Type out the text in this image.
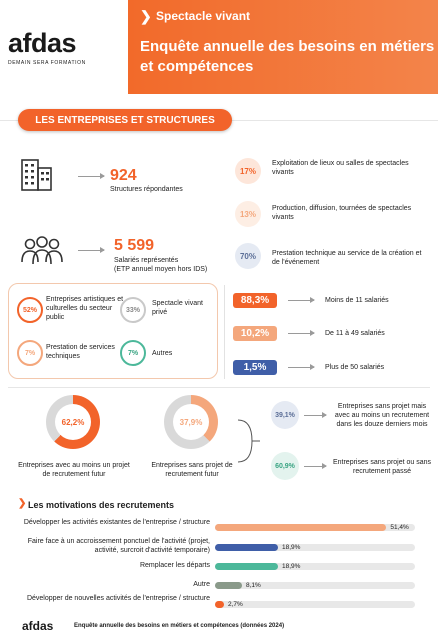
afdas
DEMAIN SERA FORMATION
❯ Spectacle vivant
Enquête annuelle des besoins en métiers et compétences
LES ENTREPRISES ET STRUCTURES
924
Structures répondantes
5 599
Salariés représentés
(ETP annuel moyen hors IDS)
17%
Exploitation de lieux ou salles de spectacles vivants
13%
Production, diffusion, tournées de spectacles vivants
70%	Prestation technique au service de la création et de l'événement
52%
Entreprises artistiques et culturelles du secteur public
33%
Spectacle vivant privé
7%
Prestation de services techniques	7%	Autres
88,3%	Moins de 11 salariés
10,2%	De 11 à 49 salariés
1,5%	Plus de 50 salariés
62,2%
Entreprises avec au moins un projet de recrutement futur
37,9%
Entreprises sans projet de recrutement futur
39,1%
Entreprises sans projet mais avec au moins un recrutement dans les douze derniers mois
60,9%	Entreprises sans projet ou sans recrutement passé
❯ Les motivations des recrutements
Développer les activités existantes de l'entreprise / structure
51,4%
Faire face à un accroissement ponctuel de l'activité (projet, activité, surcroit d'activité temporaire)	18,9%
Remplacer les départs	18,9%
Autre	8,1%
Développer de nouvelles activités de l'entreprise / structure
2,7%
afdas	Enquête annuelle des besoins en métiers et compétences (données 2024)
